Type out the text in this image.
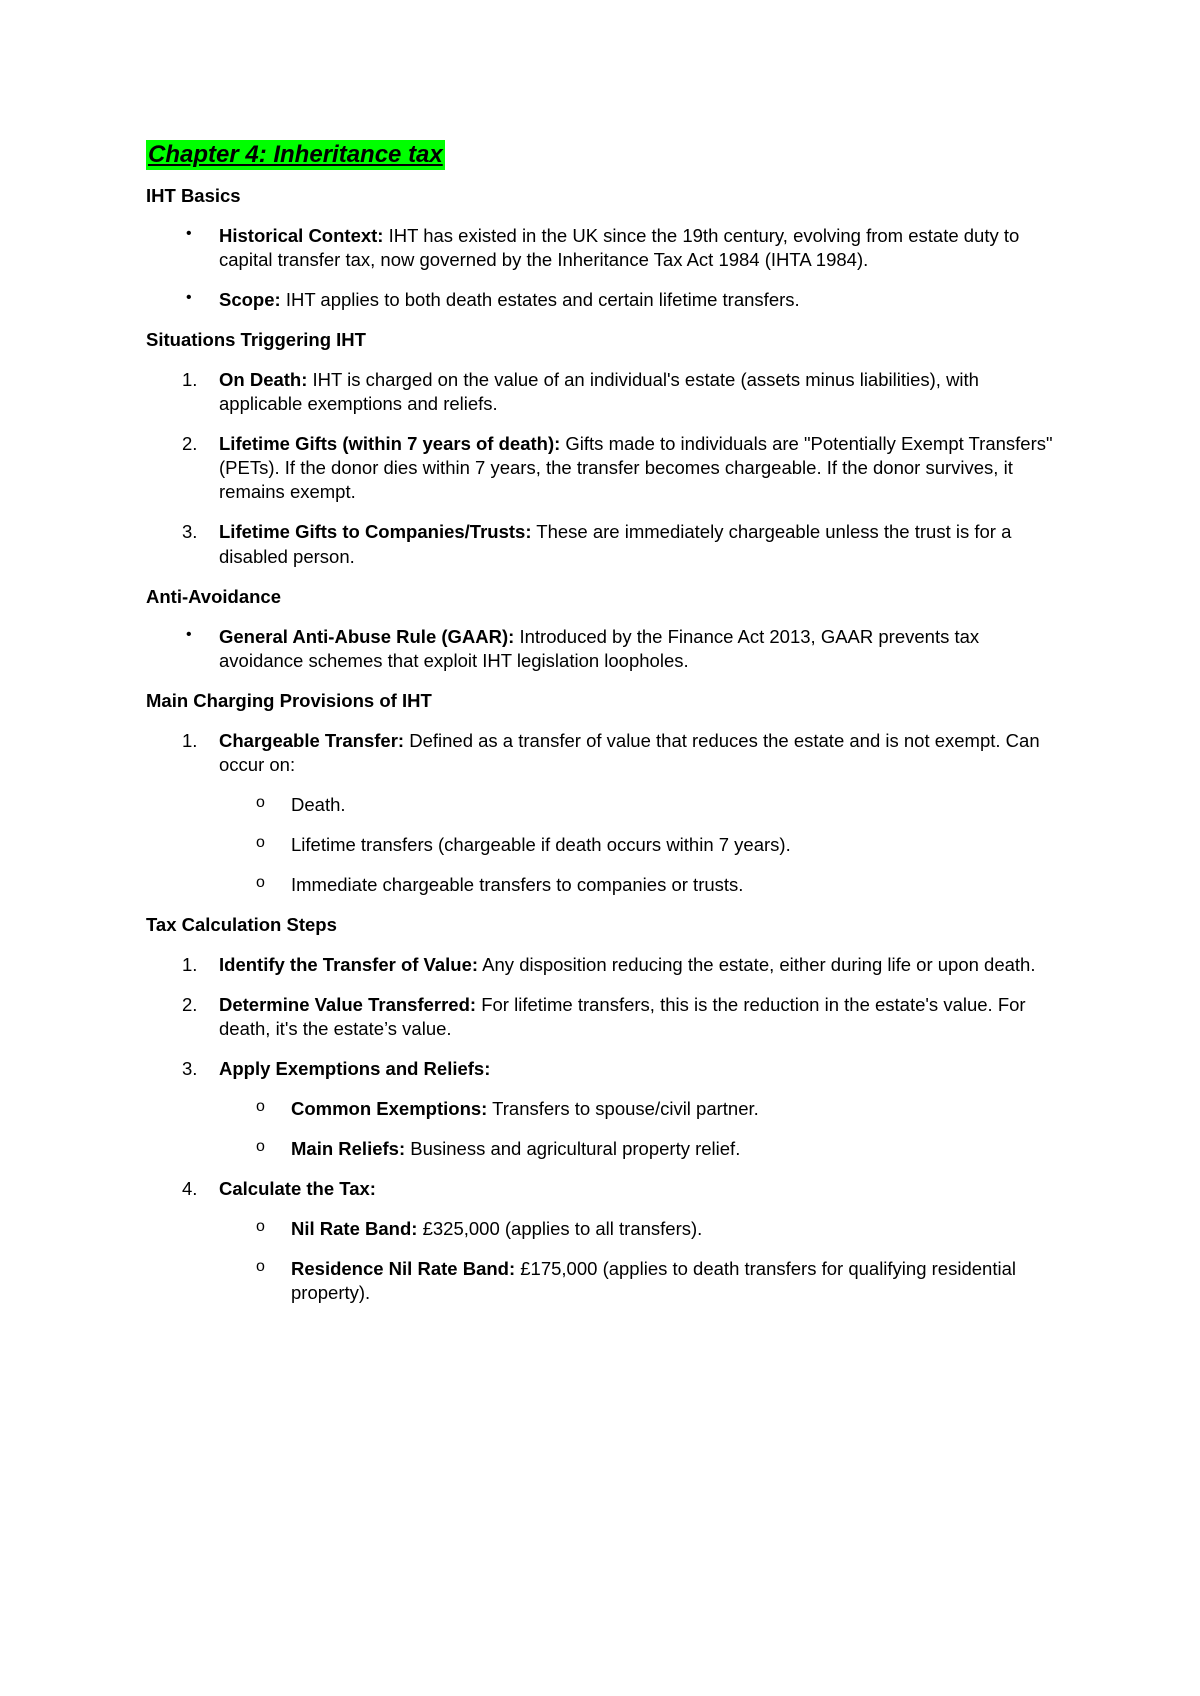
Chapter 4: Inheritance tax
IHT Basics
•	Historical Context: IHT has existed in the UK since the 19th century, evolving from estate duty to capital transfer tax, now governed by the Inheritance Tax Act 1984 (IHTA 1984).
•	Scope: IHT applies to both death estates and certain lifetime transfers.
Situations Triggering IHT
1.	On Death: IHT is charged on the value of an individual's estate (assets minus liabilities), with applicable exemptions and reliefs.
2.	Lifetime Gifts (within 7 years of death): Gifts made to individuals are "Potentially Exempt Transfers" (PETs). If the donor dies within 7 years, the transfer becomes chargeable. If the donor survives, it remains exempt.
3.	Lifetime Gifts to Companies/Trusts: These are immediately chargeable unless the trust is for a disabled person.
Anti-Avoidance
•	General Anti-Abuse Rule (GAAR): Introduced by the Finance Act 2013, GAAR prevents tax avoidance schemes that exploit IHT legislation loopholes.
Main Charging Provisions of IHT
1.	Chargeable Transfer: Defined as a transfer of value that reduces the estate and is not exempt. Can occur on:
o	Death.
o	Lifetime transfers (chargeable if death occurs within 7 years).
o	Immediate chargeable transfers to companies or trusts.
Tax Calculation Steps
1.	Identify the Transfer of Value: Any disposition reducing the estate, either during life or upon death.
2.	Determine Value Transferred: For lifetime transfers, this is the reduction in the estate's value. For death, it's the estate’s value.
3.	Apply Exemptions and Reliefs:
o	Common Exemptions: Transfers to spouse/civil partner.
o	Main Reliefs: Business and agricultural property relief.
4.	Calculate the Tax:
o	Nil Rate Band: £325,000 (applies to all transfers).
o	Residence Nil Rate Band: £175,000 (applies to death transfers for qualifying residential property).
